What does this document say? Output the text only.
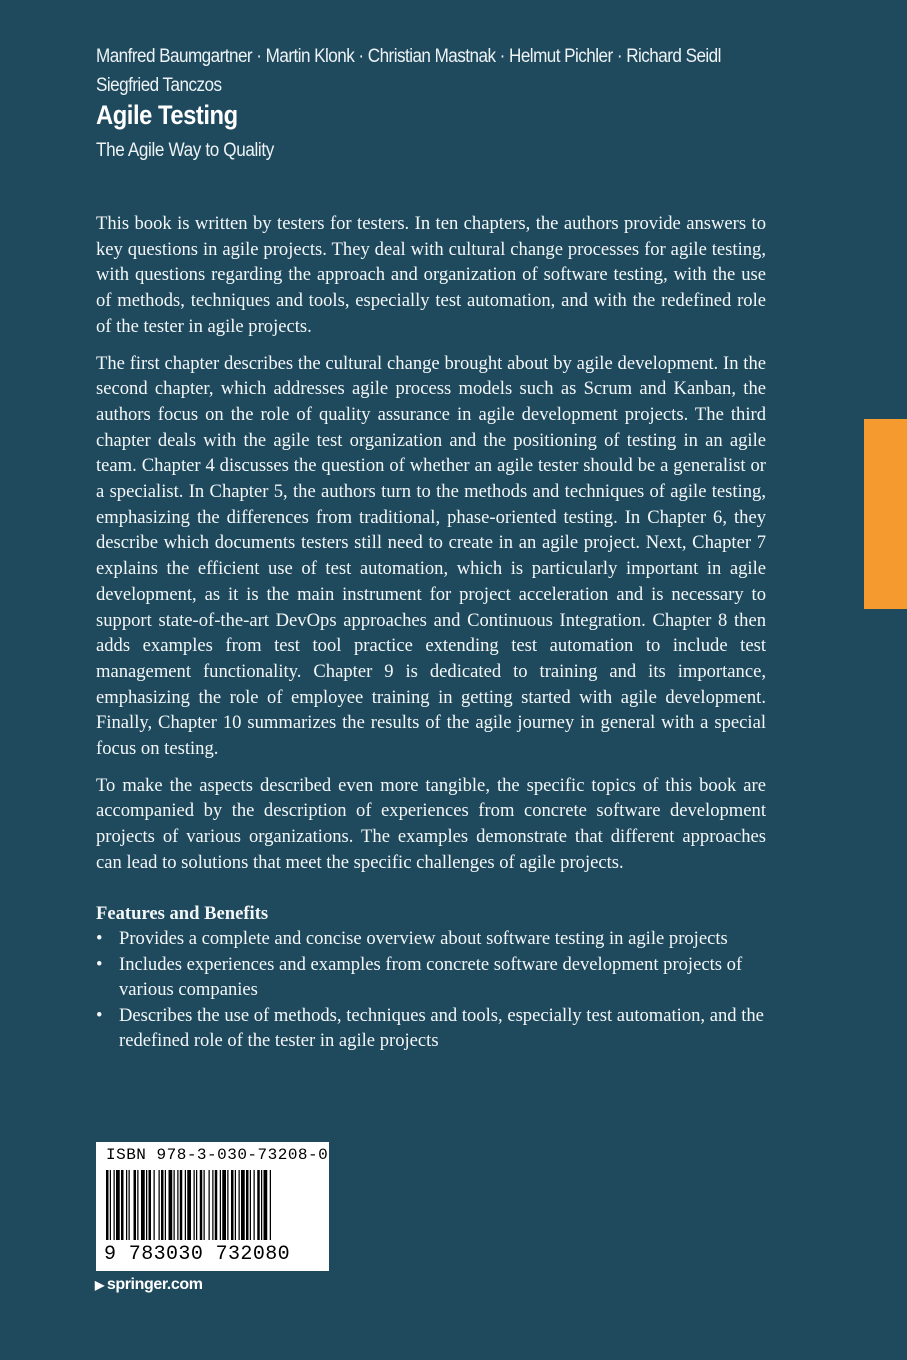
Manfred Baumgartner · Martin Klonk · Christian Mastnak · Helmut Pichler · Richard Seidl
Siegfried Tanczos
Agile Testing
The Agile Way to Quality

This book is written by testers for testers. In ten chapters, the authors provide answers to key questions in agile projects. They deal with cultural change processes for agile testing, with questions regarding the approach and organization of software testing, with the use of methods, techniques and tools, especially test automation, and with the redefined role of the tester in agile projects.

The first chapter describes the cultural change brought about by agile development. In the second chapter, which addresses agile process models such as Scrum and Kanban, the authors focus on the role of quality assurance in agile development projects. The third chapter deals with the agile test organization and the positioning of testing in an agile team. Chapter 4 discusses the question of whether an agile tester should be a generalist or a specialist. In Chapter 5, the authors turn to the methods and techniques of agile testing, emphasizing the differences from traditional, phase-oriented testing. In Chapter 6, they describe which documents testers still need to create in an agile project. Next, Chapter 7 explains the efficient use of test automation, which is particularly important in agile development, as it is the main instrument for project acceleration and is necessary to support state-of-the-art DevOps approaches and Continuous Integration. Chapter 8 then adds examples from test tool practice extending test automation to include test management functionality. Chapter 9 is dedicated to training and its importance, emphasizing the role of employee training in getting started with agile development. Finally, Chapter 10 summarizes the results of the agile journey in general with a special focus on testing.

To make the aspects described even more tangible, the specific topics of this book are accompanied by the description of experiences from concrete software development projects of various organizations. The examples demonstrate that different approaches can lead to solutions that meet the specific challenges of agile projects.

Features and Benefits
• Provides a complete and concise overview about software testing in agile projects
• Includes experiences and examples from concrete software development projects of various companies
• Describes the use of methods, techniques and tools, especially test automation, and the redefined role of the tester in agile projects
ISBN 978-3-030-73208-0
9 783030 732080
▶ springer.com
